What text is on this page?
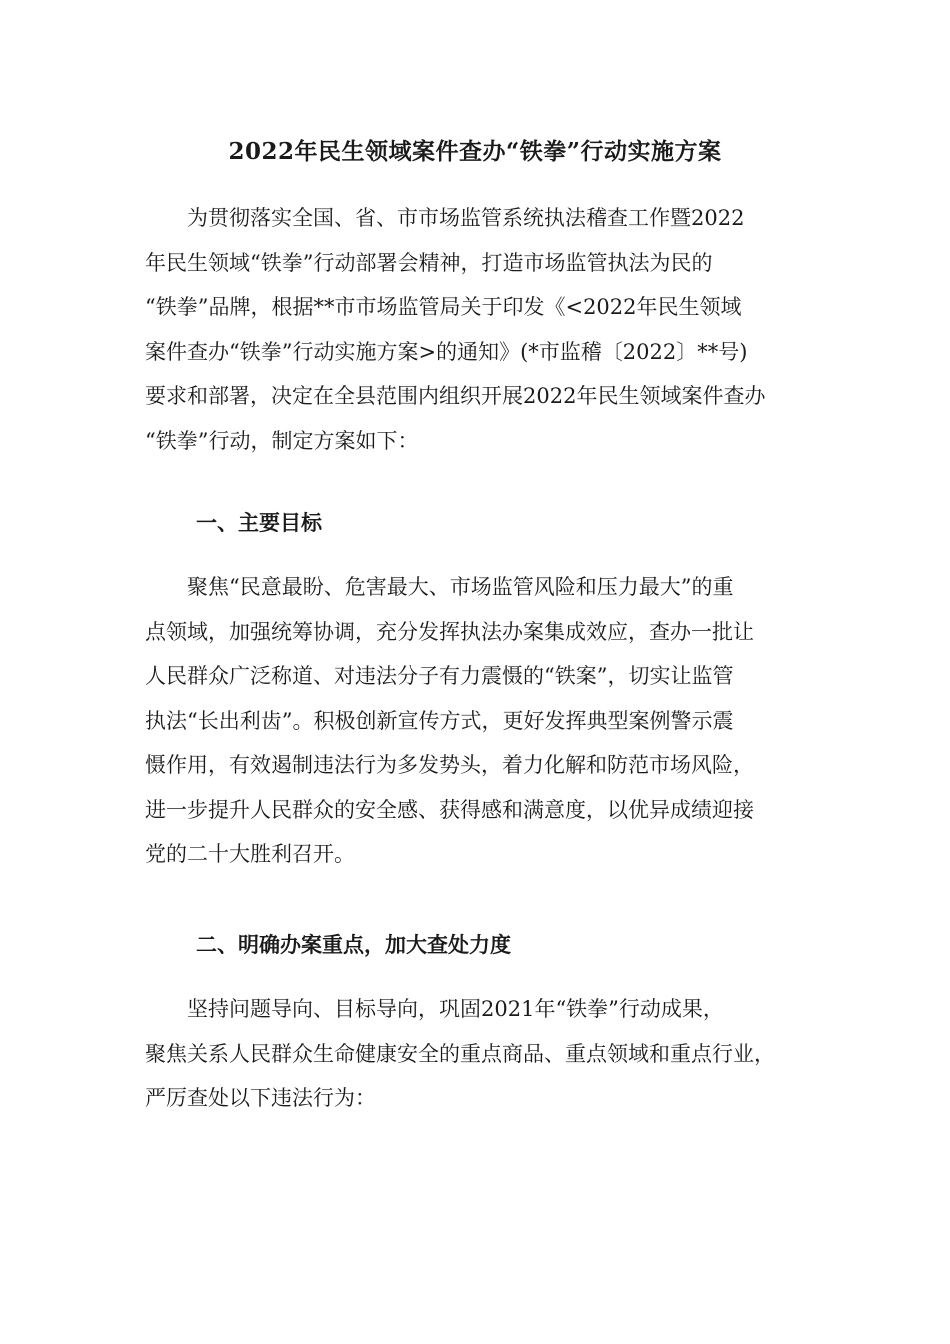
2022年民生领域案件查办“铁拳”行动实施方案
为贯彻落实全国、省、市市场监管系统执法稽查工作暨2022
年民生领域“铁拳”行动部署会精神，打造市场监管执法为民的
“铁拳”品牌，根据**市市场监管局关于印发《<2022年民生领域
案件查办“铁拳”行动实施方案>的通知》(*市监稽〔2022〕**号)
要求和部署，决定在全县范围内组织开展2022年民生领域案件查办
“铁拳”行动，制定方案如下：
一、主要目标
聚焦“民意最盼、危害最大、市场监管风险和压力最大”的重
点领域，加强统筹协调，充分发挥执法办案集成效应，查办一批让
人民群众广泛称道、对违法分子有力震慑的“铁案”，切实让监管
执法“长出利齿”。积极创新宣传方式，更好发挥典型案例警示震
慑作用，有效遏制违法行为多发势头，着力化解和防范市场风险，
进一步提升人民群众的安全感、获得感和满意度，以优异成绩迎接
党的二十大胜利召开。
二、明确办案重点，加大查处力度
坚持问题导向、目标导向，巩固2021年“铁拳”行动成果，
聚焦关系人民群众生命健康安全的重点商品、重点领域和重点行业，
严厉查处以下违法行为：
